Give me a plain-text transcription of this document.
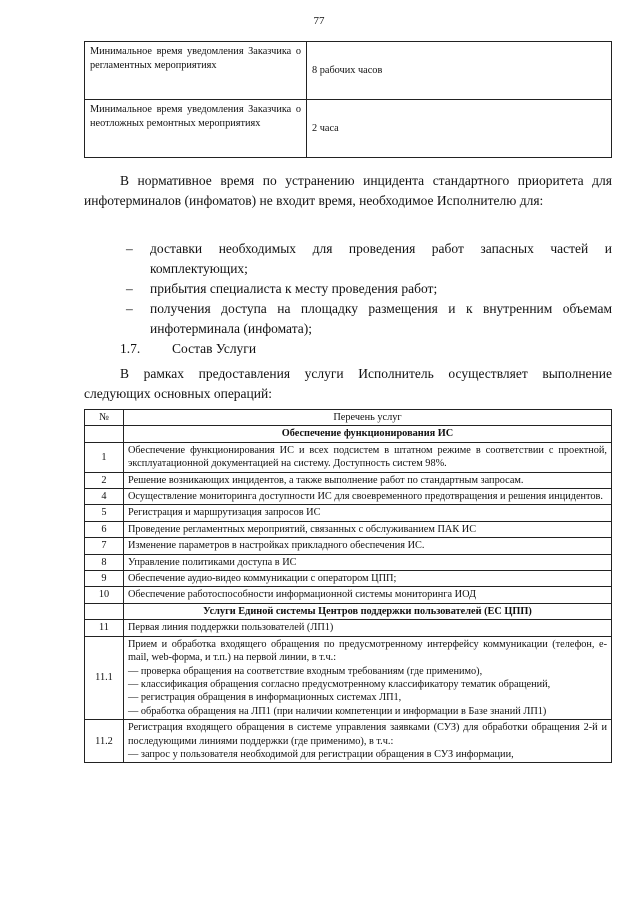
77
Минимальное время уведомления Заказчика о регламентных мероприятиях	8 рабочих часов
Минимальное время уведомления Заказчика о неотложных ремонтных мероприятиях	2 часа

В нормативное время по устранению инцидента стандартного приоритета для инфотерминалов (инфоматов) не входит время, необходимое Исполнителю для:

– доставки необходимых для проведения работ запасных частей и комплектующих;
– прибытия специалиста к месту проведения работ;
– получения доступа на площадку размещения и к внутренним объемам инфотерминала (инфомата);
1.7. Состав Услуги

В рамках предоставления услуги Исполнитель осуществляет выполнение следующих основных операций:

№	Перечень услуг
	Обеспечение функционирования ИС
1	Обеспечение функционирования ИС и всех подсистем в штатном режиме в соответствии с проектной, эксплуатационной документацией на систему. Доступность систем 98%.
2	Решение возникающих инцидентов, а также выполнение работ по стандартным запросам.
4	Осуществление мониторинга доступности ИС для своевременного предотвращения и решения инцидентов.
5	Регистрация и маршрутизация запросов ИС
6	Проведение регламентных мероприятий, связанных с обслуживанием ПАК ИС
7	Изменение параметров в настройках прикладного обеспечения ИС.
8	Управление политиками доступа в ИС
9	Обеспечение аудио-видео коммуникации с оператором ЦПП;
10	Обеспечение работоспособности информационной системы мониторинга ИОД
	Услуги Единой системы Центров поддержки пользователей (ЕС ЦПП)
11	Первая линия поддержки пользователей (ЛП1)
11.1	Прием и обработка входящего обращения по предусмотренному интерфейсу коммуникации (телефон, e-mail, web-форма, и т.п.) на первой линии, в т.ч.:
— проверка обращения на соответствие входным требованиям (где применимо),
— классификация обращения согласно предусмотренному классификатору тематик обращений,
— регистрация обращения в информационных системах ЛП1,
— обработка обращения на ЛП1 (при наличии компетенции и информации в Базе знаний ЛП1)

11.2	Регистрация входящего обращения в системе управления заявками (СУЗ) для обработки обращения 2-й и последующими линиями поддержки (где применимо), в т.ч.:
— запрос у пользователя необходимой для регистрации обращения в СУЗ информации,
